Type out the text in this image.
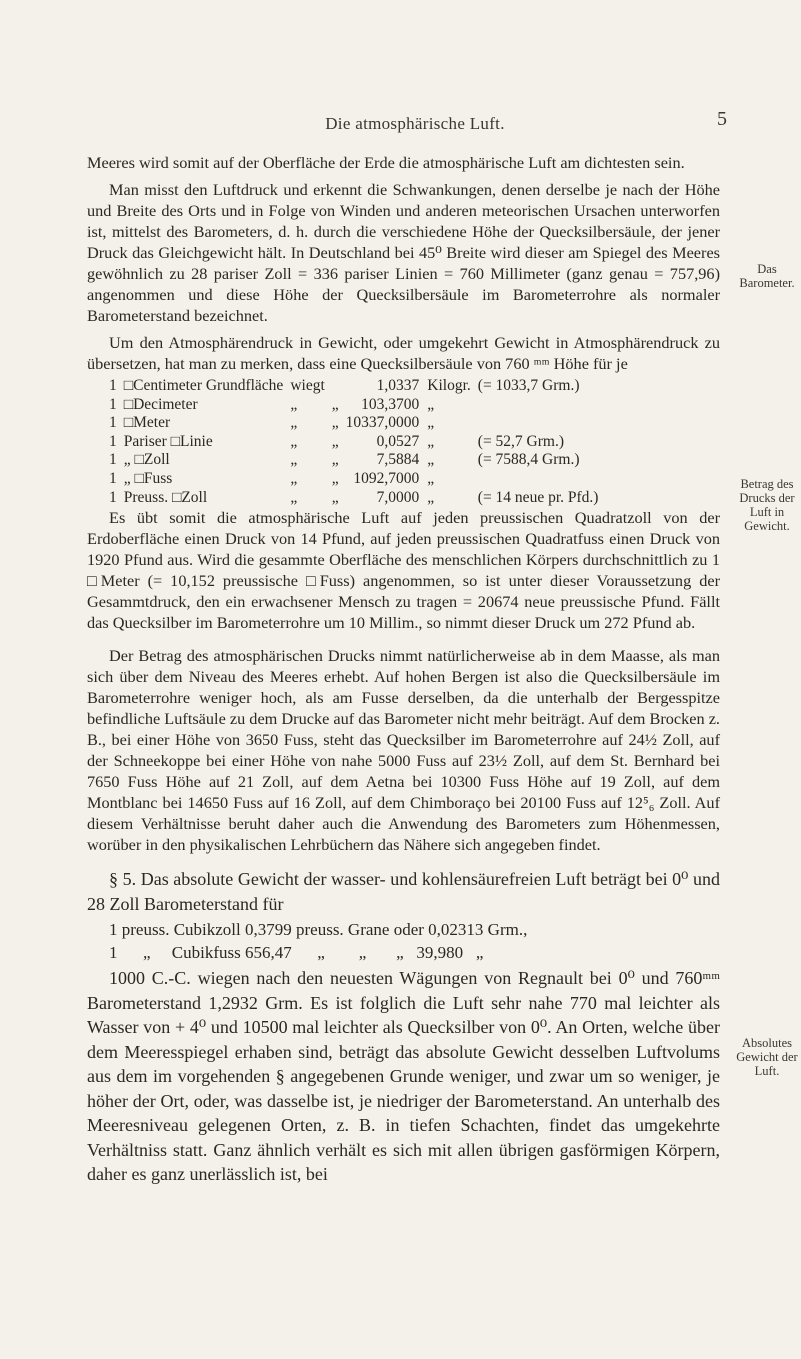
Die atmosphärische Luft.	5
Das Barometer.
Betrag des Drucks der Luft in Gewicht.
Absolutes Gewicht der Luft.

Meeres wird somit auf der Oberfläche der Erde die atmosphärische Luft am dichtesten sein.

Man misst den Luftdruck und erkennt die Schwankungen, denen derselbe je nach der Höhe und Breite des Orts und in Folge von Winden und anderen meteorischen Ursachen unterworfen ist, mittelst des Barometers, d. h. durch die verschiedene Höhe der Quecksilbersäule, der jener Druck das Gleichgewicht hält. In Deutschland bei 45⁰ Breite wird dieser am Spiegel des Meeres gewöhnlich zu 28 pariser Zoll = 336 pariser Linien = 760 Millimeter (ganz genau = 757,96) angenommen und diese Höhe der Quecksilbersäule im Barometerrohre als normaler Barometerstand bezeichnet.

Um den Atmosphärendruck in Gewicht, oder umgekehrt Gewicht in Atmosphärendruck zu übersetzen, hat man zu merken, dass eine Quecksilbersäule von 760 ᵐᵐ Höhe für je

1	□Centimeter Grundfläche	wiegt		1,0337	Kilogr.	(= 1033,7 Grm.)
1	□Decimeter	„	„	103,3700	„	
1	□Meter	„	„	10337,0000	„	
1	Pariser □Linie	„	„	0,0527	„	(= 52,7 Grm.)
1	„ □Zoll	„	„	7,5884	„	(= 7588,4 Grm.)
1	„ □Fuss	„	„	1092,7000	„	
1	Preuss. □Zoll	„	„	7,0000	„	(= 14 neue pr. Pfd.)

Es übt somit die atmosphärische Luft auf jeden preussischen Quadratzoll von der Erdoberfläche einen Druck von 14 Pfund, auf jeden preussischen Quadratfuss einen Druck von 1920 Pfund aus. Wird die gesammte Oberfläche des menschlichen Körpers durchschnittlich zu 1 □Meter (= 10,152 preussische □Fuss) angenommen, so ist unter dieser Voraussetzung der Gesammtdruck, den ein erwachsener Mensch zu tragen = 20674 neue preussische Pfund. Fällt das Quecksilber im Barometerrohre um 10 Millim., so nimmt dieser Druck um 272 Pfund ab.

Der Betrag des atmosphärischen Drucks nimmt natürlicherweise ab in dem Maasse, als man sich über dem Niveau des Meeres erhebt. Auf hohen Bergen ist also die Quecksilbersäule im Barometerrohre weniger hoch, als am Fusse derselben, da die unterhalb der Bergesspitze befindliche Luftsäule zu dem Drucke auf das Barometer nicht mehr beiträgt. Auf dem Brocken z. B., bei einer Höhe von 3650 Fuss, steht das Quecksilber im Barometerrohre auf 24½ Zoll, auf der Schneekoppe bei einer Höhe von nahe 5000 Fuss auf 23½ Zoll, auf dem St. Bernhard bei 7650 Fuss Höhe auf 21 Zoll, auf dem Aetna bei 10300 Fuss Höhe auf 19 Zoll, auf dem Montblanc bei 14650 Fuss auf 16 Zoll, auf dem Chimboraço bei 20100 Fuss auf 12⁵₆ Zoll. Auf diesem Verhältnisse beruht daher auch die Anwendung des Barometers zum Höhenmessen, worüber in den physikalischen Lehrbüchern das Nähere sich angegeben findet.

§ 5. Das absolute Gewicht der wasser- und kohlensäurefreien Luft beträgt bei 0⁰ und 28 Zoll Barometerstand für

1 preuss. Cubikzoll 0,3799 preuss. Grane oder 0,02313 Grm.,
1      „     Cubikfuss 656,47      „        „       „   39,980   „

1000 C.-C. wiegen nach den neuesten Wägungen von Regnault bei 0⁰ und 760ᵐᵐ Barometerstand 1,2932 Grm. Es ist folglich die Luft sehr nahe 770 mal leichter als Wasser von + 4⁰ und 10500 mal leichter als Quecksilber von 0⁰. An Orten, welche über dem Meeresspiegel erhaben sind, beträgt das absolute Gewicht desselben Luftvolums aus dem im vorgehenden § angegebenen Grunde weniger, und zwar um so weniger, je höher der Ort, oder, was dasselbe ist, je niedriger der Barometerstand. An unterhalb des Meeresniveau gelegenen Orten, z. B. in tiefen Schachten, findet das umgekehrte Verhältniss statt. Ganz ähnlich verhält es sich mit allen übrigen gasförmigen Körpern, daher es ganz unerlässlich ist, bei
